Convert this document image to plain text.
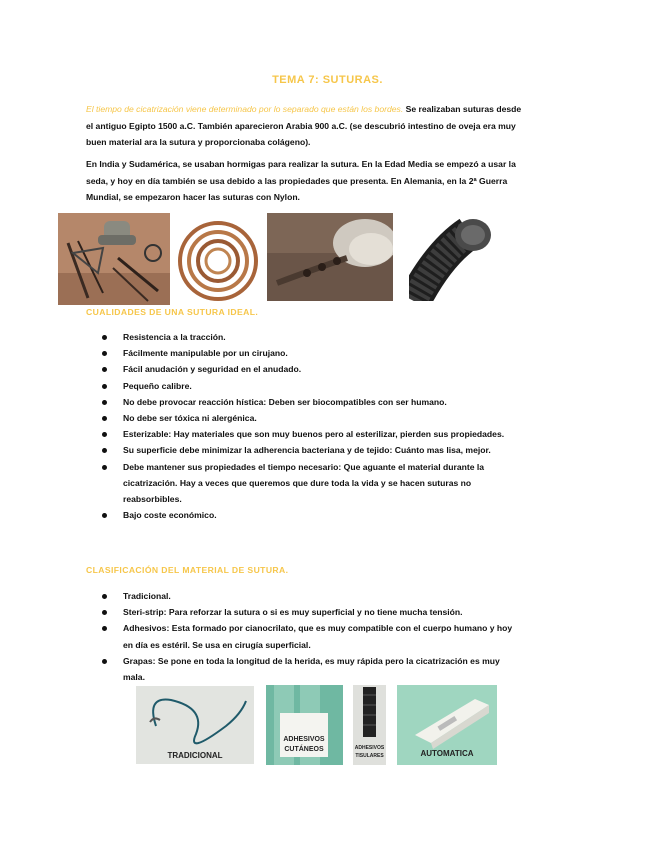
TEMA 7: SUTURAS.
El tiempo de cicatrización viene determinado por lo separado que están los bordes. Se realizaban suturas desde el antiguo Egipto 1500 a.C. También aparecieron Arabia 900 a.C. (se descubrió intestino de oveja era muy buen material ara la sutura y proporcionaba colágeno).
En India y Sudamérica, se usaban hormigas para realizar la sutura. En la Edad Media se empezó a usar la seda, y hoy en día también se usa debido a las propiedades que presenta. En Alemania, en la 2ª Guerra Mundial, se empezaron hacer las suturas con Nylon.
CUALIDADES DE UNA SUTURA IDEAL.
Resistencia a la tracción.
Fácilmente manipulable por un cirujano.
Fácil anudación y seguridad en el anudado.
Pequeño calibre.
No debe provocar reacción hística: Deben ser biocompatibles con ser humano.
No debe ser tóxica ni alergénica.
Esterizable: Hay materiales que son muy buenos pero al esterilizar, pierden sus propiedades.
Su superficie debe minimizar la adherencia bacteriana y de tejido: Cuánto mas lisa, mejor.
Debe mantener sus propiedades el tiempo necesario: Que aguante el material durante la cicatrización. Hay a veces que queremos que dure toda la vida y se hacen suturas no reabsorbibles.
Bajo coste económico.
CLASIFICACIÓN DEL MATERIAL DE SUTURA.
Tradicional.
Steri-strip: Para reforzar la sutura o si es muy superficial y no tiene mucha tensión.
Adhesivos: Esta formado por cianocrilato, que es muy compatible con el cuerpo humano y hoy en día es estéril. Se usa en cirugía superficial.
Grapas: Se pone en toda la longitud de la herida, es muy rápida pero la cicatrización es muy mala.
TRADICIONAL
ADHESIVOS CUTÁNEOS	ADHESIVOS TISULARES	AUTOMATICA
